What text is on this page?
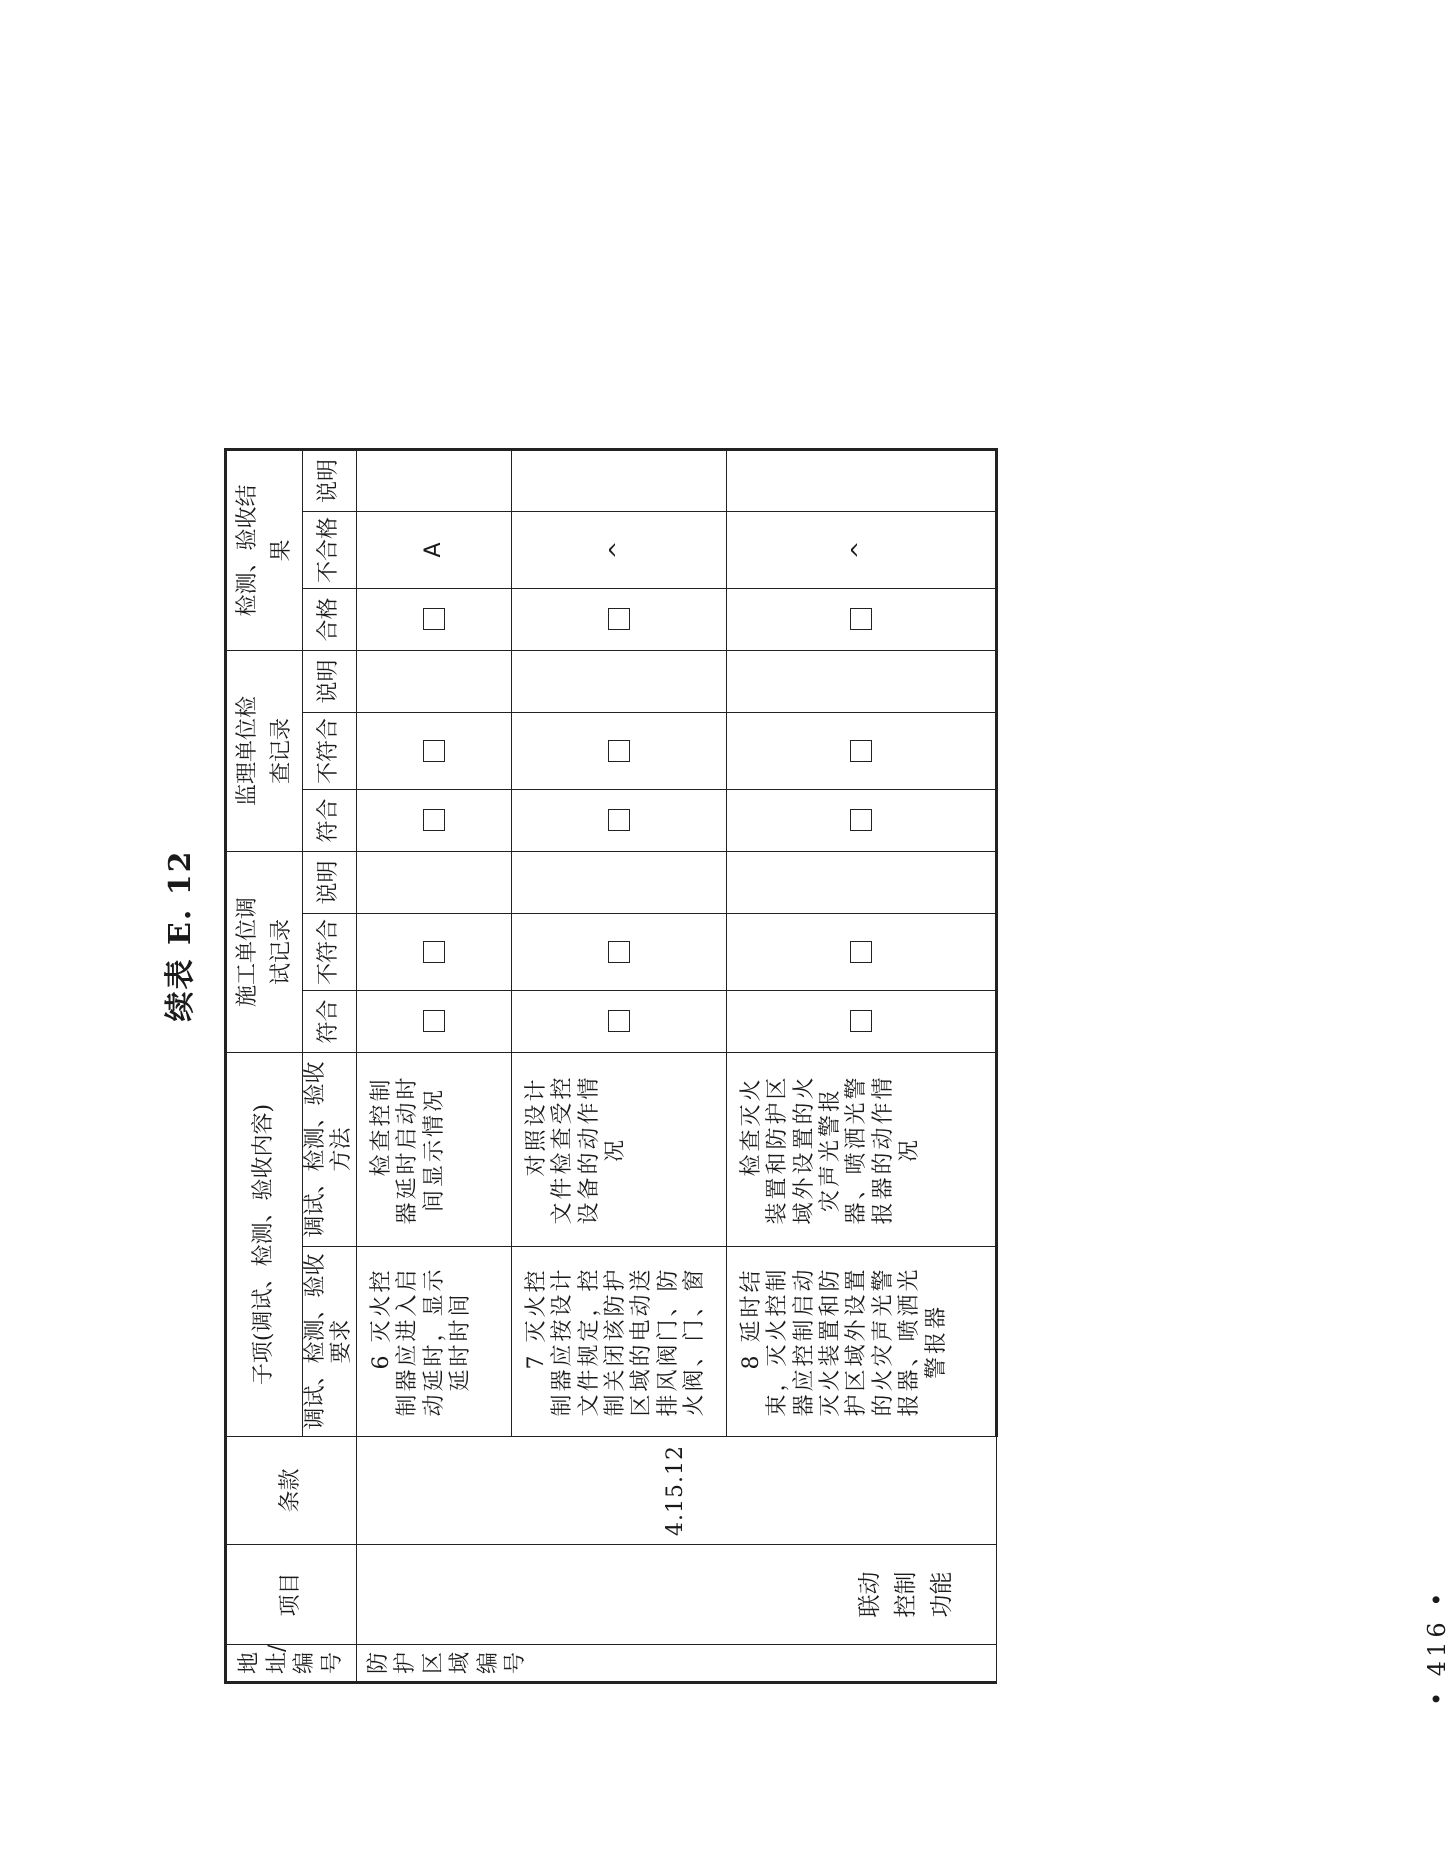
续表 E. 12
地址/编号	项目	条款	子项(调试、检测、验收内容)		施工单位调试记录			监理单位检查记录			检测、验收结果		

			调试、检测、验收要求	调试、检测、验收方法	符合	不符合	说明	符合	不符合	说明	合格	不合格	说明
防护区域编号	联动控制功能	4.15.12	6 灭火控制器应进入启动延时，显示延时时间	检查控制器延时启动时间显示情况								A	
			7 灭火控制器应按设计文件规定，控制关闭该防护区域的电动送排风阀门、防火阀、门、窗	对照设计文件检查受控设备的动作情况								^	
			8 延时结束，灭火控制器应控制启动灭火装置和防护区域外设置的火灾声光警报器、喷洒光警报器	检查灭火装置和防护区域外设置的火灾声光警报器、喷洒光警报器的动作情况								^	
• 416 •
